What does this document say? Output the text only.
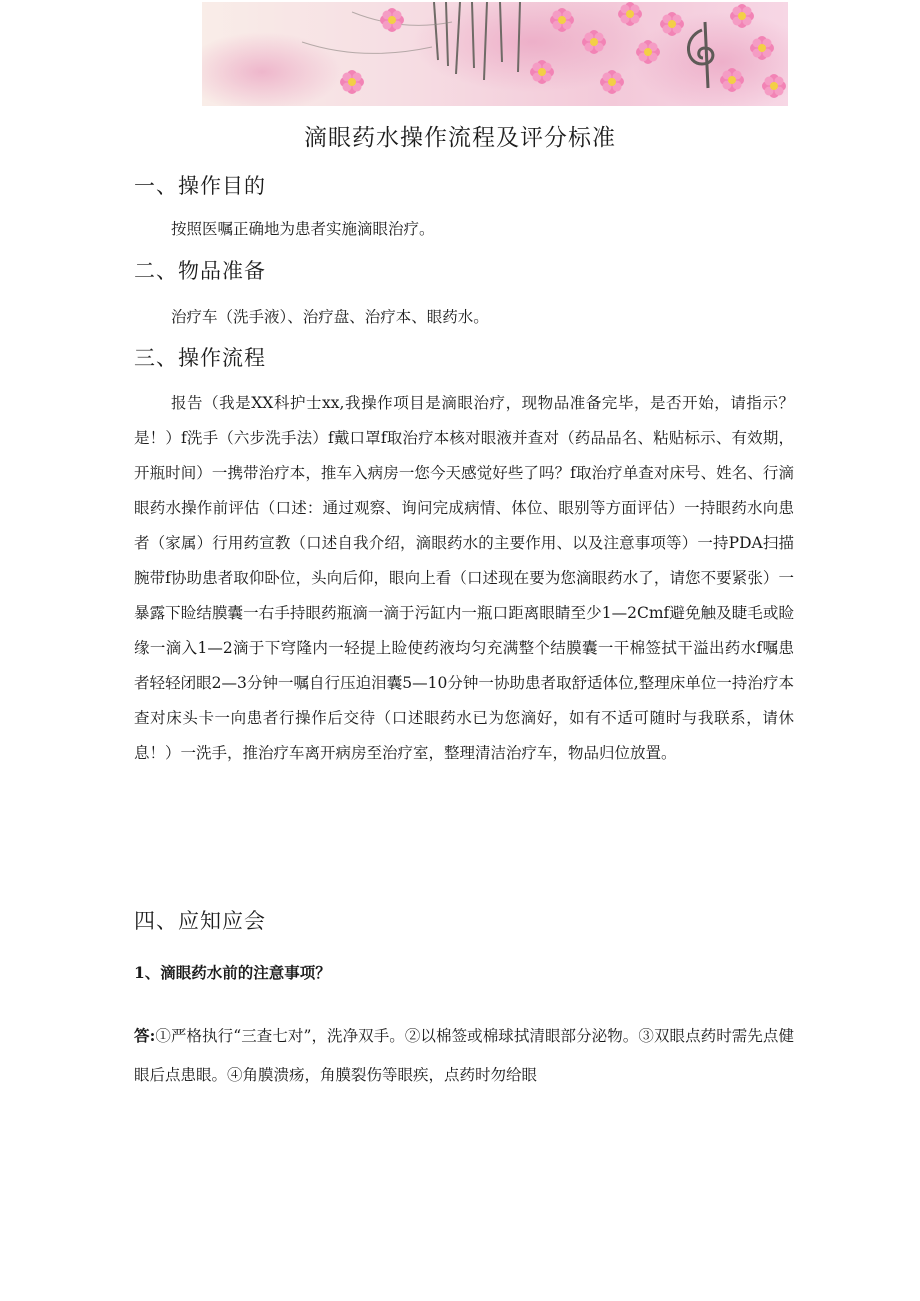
滴眼药水操作流程及评分标准
一、操作目的
按照医嘱正确地为患者实施滴眼治疗。
二、物品准备
治疗车（洗手液）、治疗盘、治疗本、眼药水。
三、操作流程
报告（我是XX科护士xx,我操作项目是滴眼治疗，现物品准备完毕，是否开始，请指示？是！）f洗手（六步洗手法）f戴口罩f取治疗本核对眼液并查对（药品品名、粘贴标示、有效期，开瓶时间）一携带治疗本，推车入病房一您今天感觉好些了吗？f取治疗单查对床号、姓名、行滴眼药水操作前评估（口述：通过观察、询问完成病情、体位、眼别等方面评估）一持眼药水向患者（家属）行用药宣教（口述自我介绍，滴眼药水的主要作用、以及注意事项等）一持PDA扫描腕带f协助患者取仰卧位，头向后仰，眼向上看（口述现在要为您滴眼药水了，请您不要紧张）一暴露下睑结膜囊一右手持眼药瓶滴一滴于污缸内一瓶口距离眼睛至少1—2Cmf避免触及睫毛或睑缘一滴入1—2滴于下穹隆内一轻提上睑使药液均匀充满整个结膜囊一干棉签拭干溢出药水f嘱患者轻轻闭眼2—3分钟一嘱自行压迫泪囊5—10分钟一协助患者取舒适体位,整理床单位一持治疗本查对床头卡一向患者行操作后交待（口述眼药水已为您滴好，如有不适可随时与我联系，请休息！）一洗手，推治疗车离开病房至治疗室，整理清洁治疗车，物品归位放置。
四、应知应会
1、滴眼药水前的注意事项？
答:①严格执行“三查七对”，洗净双手。②以棉签或棉球拭清眼部分泌物。③双眼点药时需先点健眼后点患眼。④角膜溃疡，角膜裂伤等眼疾，点药时勿给眼
